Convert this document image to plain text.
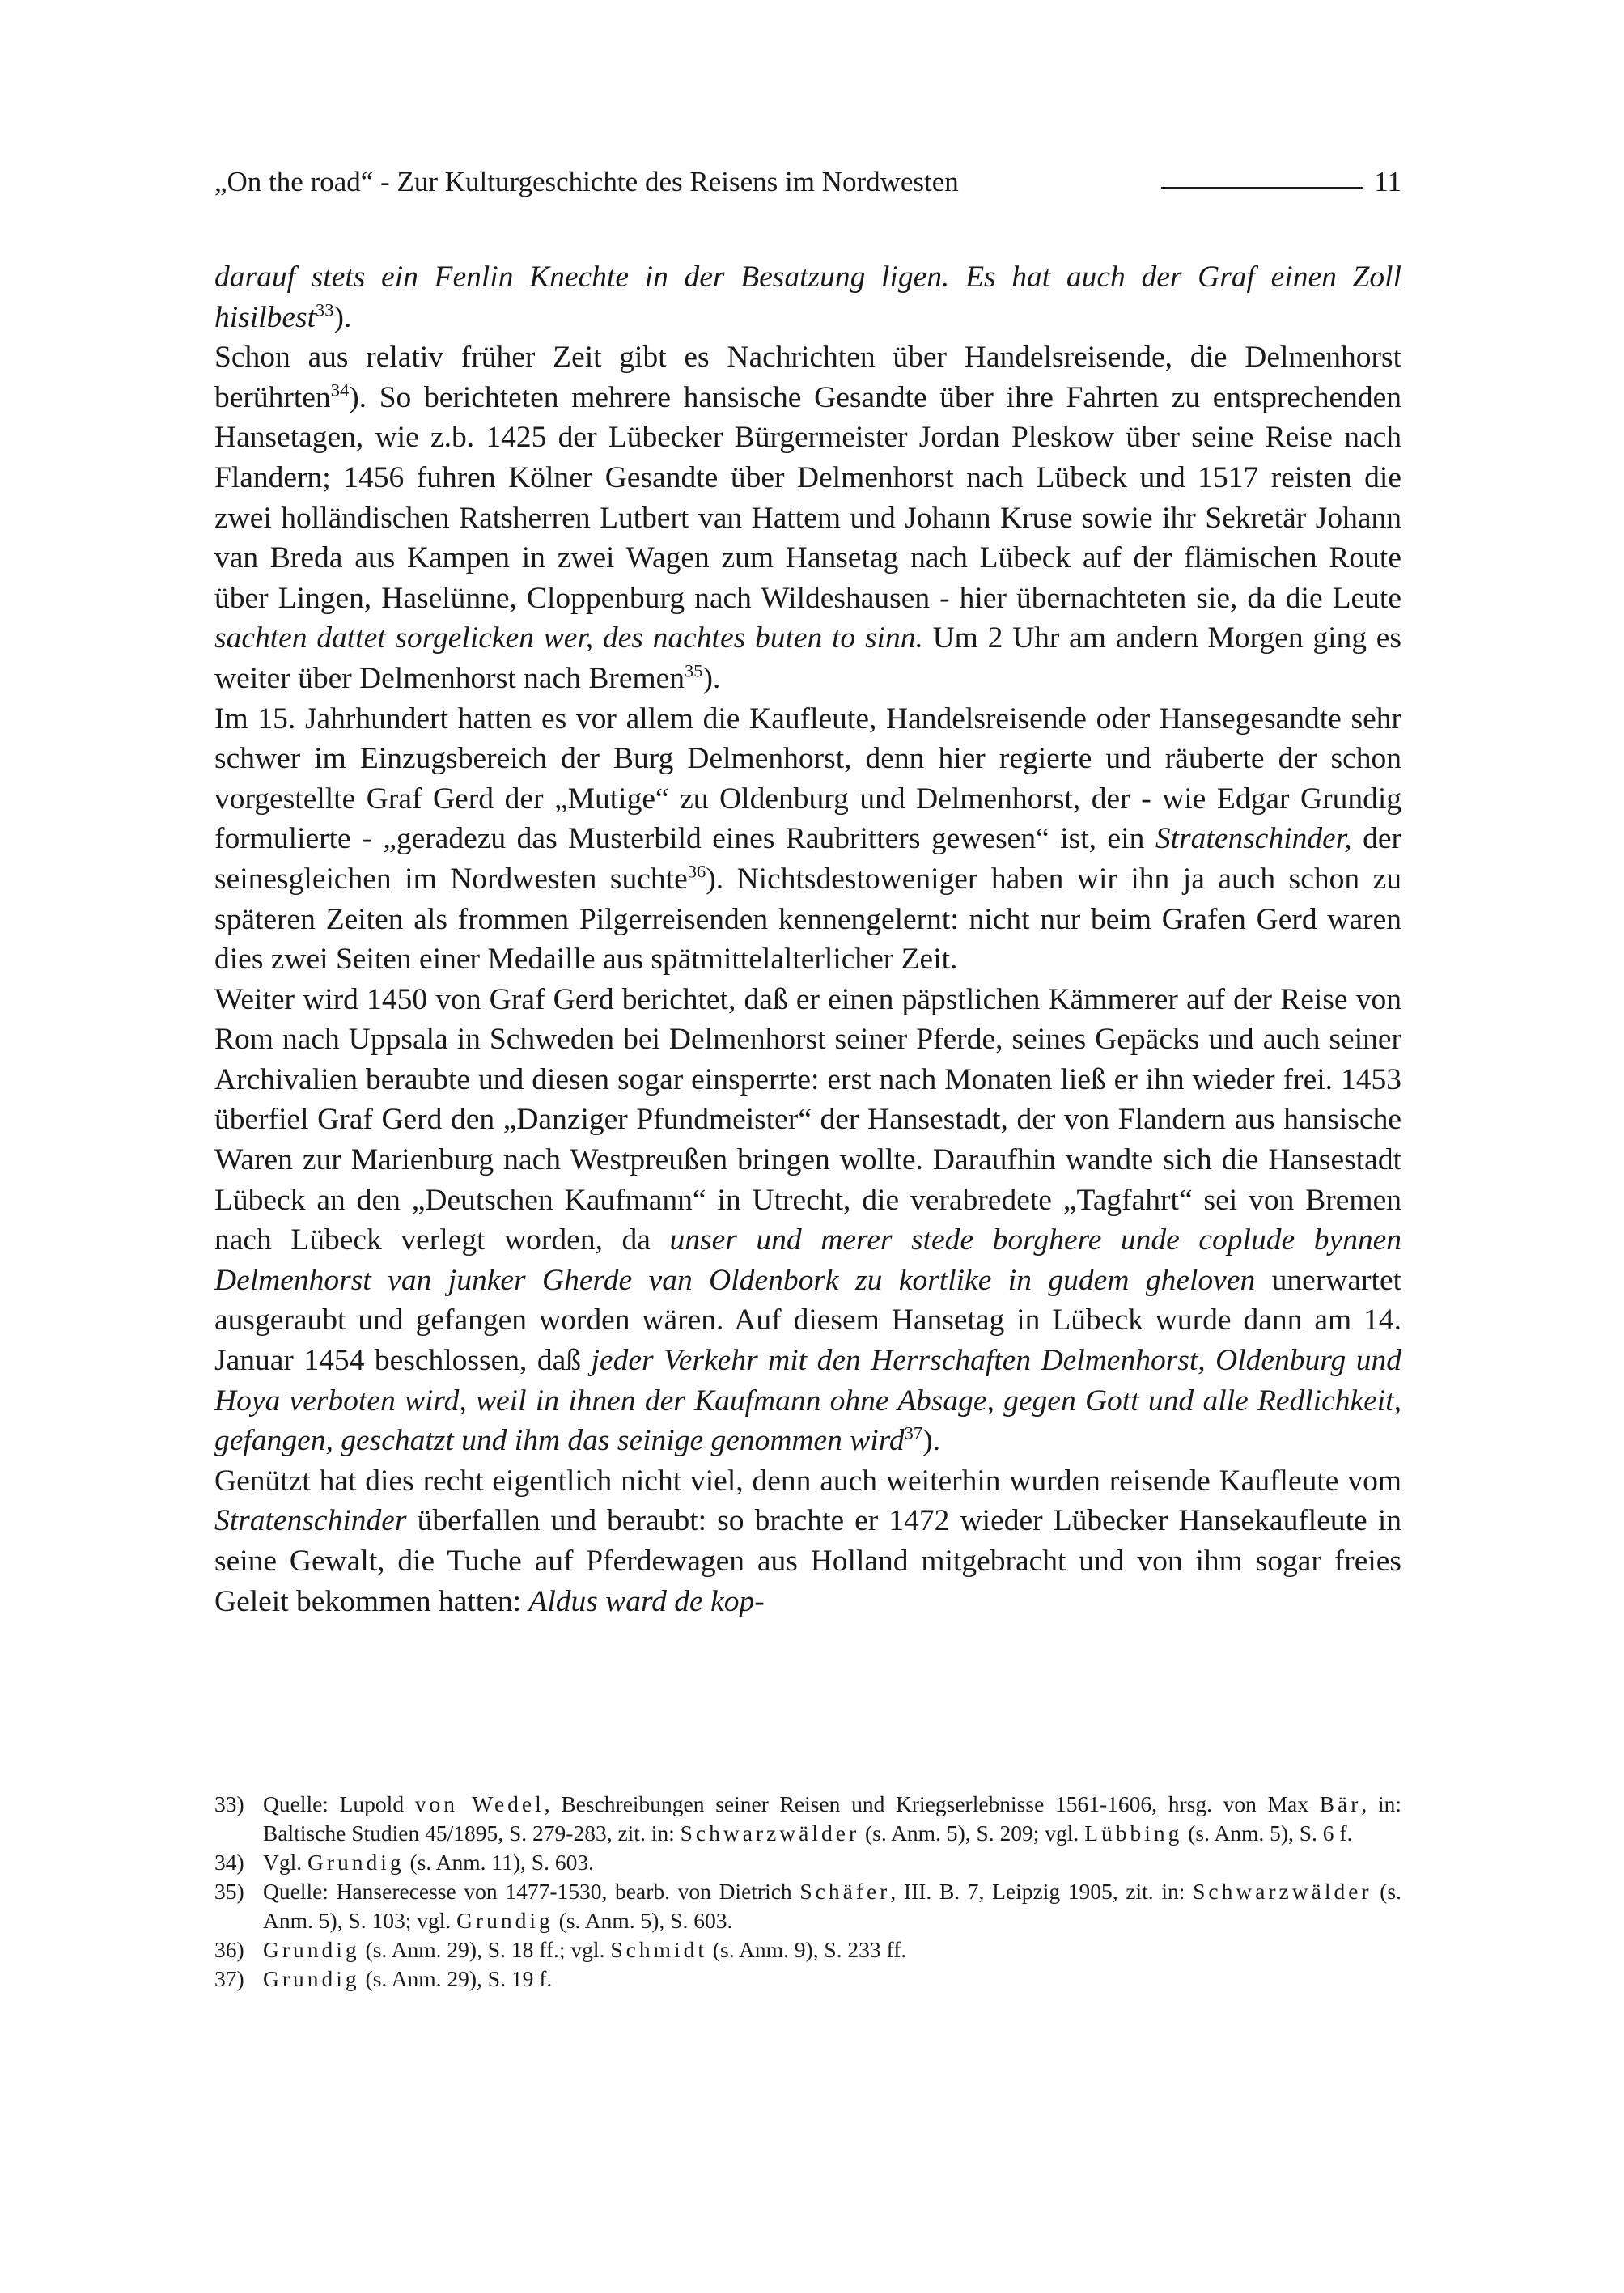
„On the road“ - Zur Kulturgeschichte des Reisens im Nordwesten	11

darauf stets ein Fenlin Knechte in der Besatzung ligen. Es hat auch der Graf einen Zoll hisilbest$^{33}$).

Schon aus relativ früher Zeit gibt es Nachrichten über Handelsreisende, die Delmenhorst berührten$^{34}$). So berichteten mehrere hansische Gesandte über ihre Fahrten zu entsprechenden Hansetagen, wie z.b. 1425 der Lübecker Bürgermeister Jordan Pleskow über seine Reise nach Flandern; 1456 fuhren Kölner Gesandte über Delmenhorst nach Lübeck und 1517 reisten die zwei holländischen Ratsherren Lutbert van Hattem und Johann Kruse sowie ihr Sekretär Johann van Breda aus Kampen in zwei Wagen zum Hansetag nach Lübeck auf der flämischen Route über Lingen, Haselünne, Cloppenburg nach Wildeshausen - hier übernachteten sie, da die Leute sachten dattet sorgelicken wer, des nachtes buten to sinn. Um 2 Uhr am andern Morgen ging es weiter über Delmenhorst nach Bremen$^{35}$).

Im 15. Jahrhundert hatten es vor allem die Kaufleute, Handelsreisende oder Hansegesandte sehr schwer im Einzugsbereich der Burg Delmenhorst, denn hier regierte und räuberte der schon vorgestellte Graf Gerd der „Mutige“ zu Oldenburg und Delmenhorst, der - wie Edgar Grundig formulierte - „geradezu das Musterbild eines Raubritters gewesen“ ist, ein Stratenschinder, der seinesgleichen im Nordwesten suchte$^{36}$). Nichtsdestoweniger haben wir ihn ja auch schon zu späteren Zeiten als frommen Pilgerreisenden kennengelernt: nicht nur beim Grafen Gerd waren dies zwei Seiten einer Medaille aus spätmittelalterlicher Zeit.

Weiter wird 1450 von Graf Gerd berichtet, daß er einen päpstlichen Kämmerer auf der Reise von Rom nach Uppsala in Schweden bei Delmenhorst seiner Pferde, seines Gepäcks und auch seiner Archivalien beraubte und diesen sogar einsperrte: erst nach Monaten ließ er ihn wieder frei. 1453 überfiel Graf Gerd den „Danziger Pfundmeister“ der Hansestadt, der von Flandern aus hansische Waren zur Marienburg nach Westpreußen bringen wollte. Daraufhin wandte sich die Hansestadt Lübeck an den „Deutschen Kaufmann“ in Utrecht, die verabredete „Tagfahrt“ sei von Bremen nach Lübeck verlegt worden, da unser und merer stede borghere unde coplude bynnen Delmenhorst van junker Gherde van Oldenbork zu kortlike in gudem gheloven unerwartet ausgeraubt und gefangen worden wären. Auf diesem Hansetag in Lübeck wurde dann am 14. Januar 1454 beschlossen, daß jeder Verkehr mit den Herrschaften Delmenhorst, Oldenburg und Hoya verboten wird, weil in ihnen der Kaufmann ohne Absage, gegen Gott und alle Redlichkeit, gefangen, geschatzt und ihm das seinige genommen wird$^{37}$).

Genützt hat dies recht eigentlich nicht viel, denn auch weiterhin wurden reisende Kaufleute vom Stratenschinder überfallen und beraubt: so brachte er 1472 wieder Lübecker Hansekaufleute in seine Gewalt, die Tuche auf Pferdewagen aus Holland mitgebracht und von ihm sogar freies Geleit bekommen hatten: Aldus ward de kop-

33) Quelle: Lupold von Wedel, Beschreibungen seiner Reisen und Kriegserlebnisse 1561-1606, hrsg. von Max Bär, in: Baltische Studien 45/1895, S. 279-283, zit. in: Schwarzwälder (s. Anm. 5), S. 209; vgl. Lübbing (s. Anm. 5), S. 6 f.
34) Vgl. Grundig (s. Anm. 11), S. 603.
35) Quelle: Hanserecesse von 1477-1530, bearb. von Dietrich Schäfer, III. B. 7, Leipzig 1905, zit. in: Schwarzwälder (s. Anm. 5), S. 103; vgl. Grundig (s. Anm. 5), S. 603.
36) Grundig (s. Anm. 29), S. 18 ff.; vgl. Schmidt (s. Anm. 9), S. 233 ff.
37) Grundig (s. Anm. 29), S. 19 f.
